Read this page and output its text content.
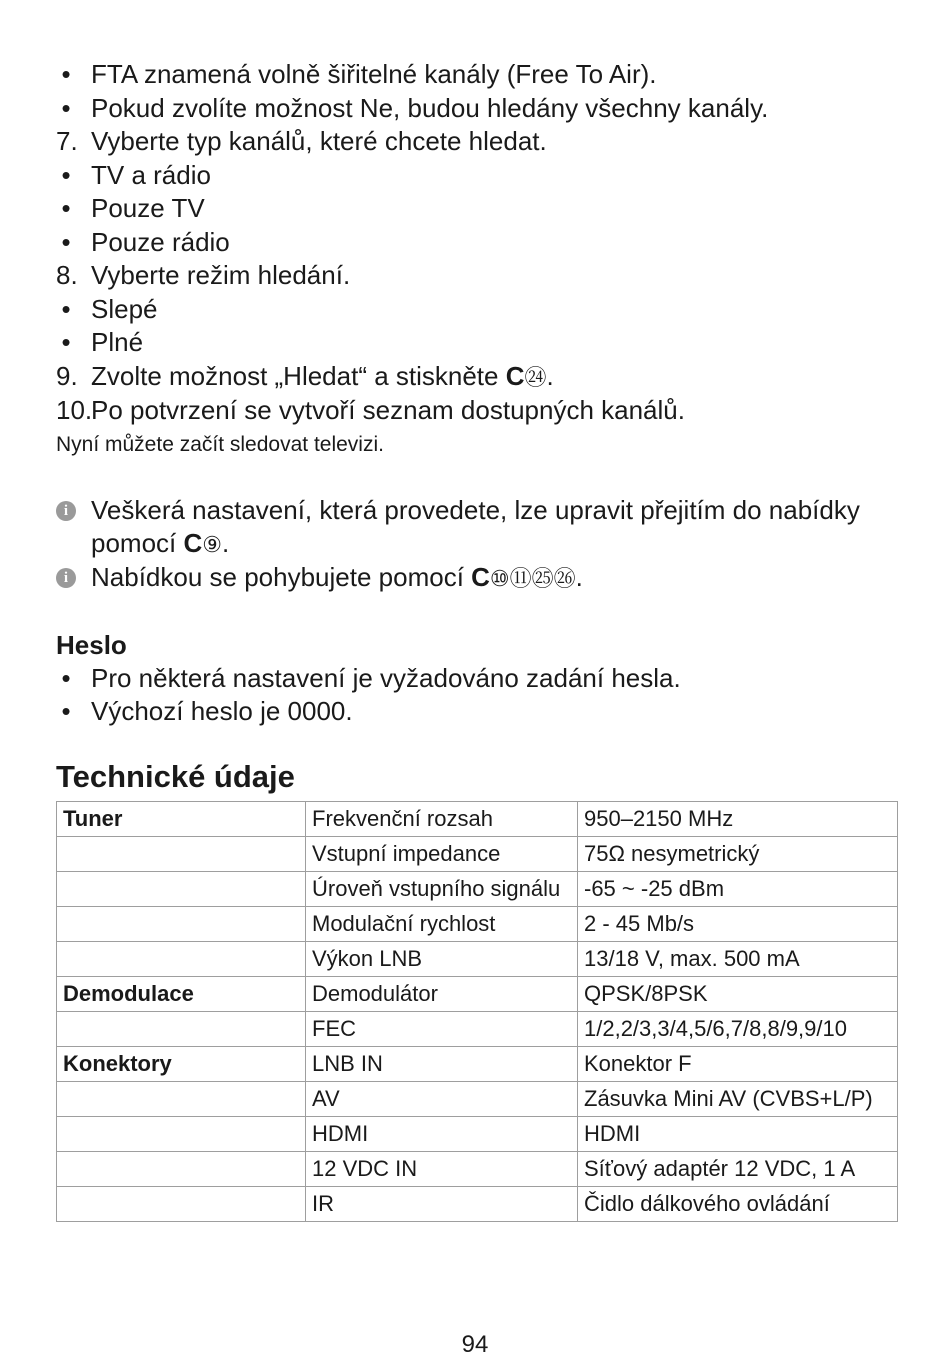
• FTA znamená volně šiřitelné kanály (Free To Air).
• Pokud zvolíte možnost Ne, budou hledány všechny kanály.
7. Vyberte typ kanálů, které chcete hledat.
• TV a rádio
• Pouze TV
• Pouze rádio
8. Vyberte režim hledání.
• Slepé
• Plné
9. Zvolte možnost „Hledat“ a stiskněte C㉔.
10.
Po potvrzení se vytvoří seznam dostupných kanálů.
Nyní můžete začít sledovat televizi.
i Veškerá nastavení, která provedete, lze upravit přejitím do nabídky
pomocí C⑨.
i Nabídkou se pohybujete pomocí C⑩⑪㉕㉖.
Heslo
• Pro některá nastavení je vyžadováno zadání hesla.
• Výchozí heslo je 0000.
Technické údaje
Tuner	Frekvenční rozsah	950–2150 MHz
	Vstupní impedance	75Ω nesymetrický
	Úroveň vstupního signálu	-65 ~ -25 dBm
	Modulační rychlost	2 - 45 Mb/s
	Výkon LNB	13/18 V, max. 500 mA
Demodulace	Demodulátor	QPSK/8PSK
	FEC	1/2,2/3,3/4,5/6,7/8,8/9,9/10
Konektory	LNB IN	Konektor F
	AV	Zásuvka Mini AV (CVBS+L/P)
	HDMI	HDMI
	12 VDC IN	Síťový adaptér 12 VDC, 1 A
	IR	Čidlo dálkového ovládání
94
